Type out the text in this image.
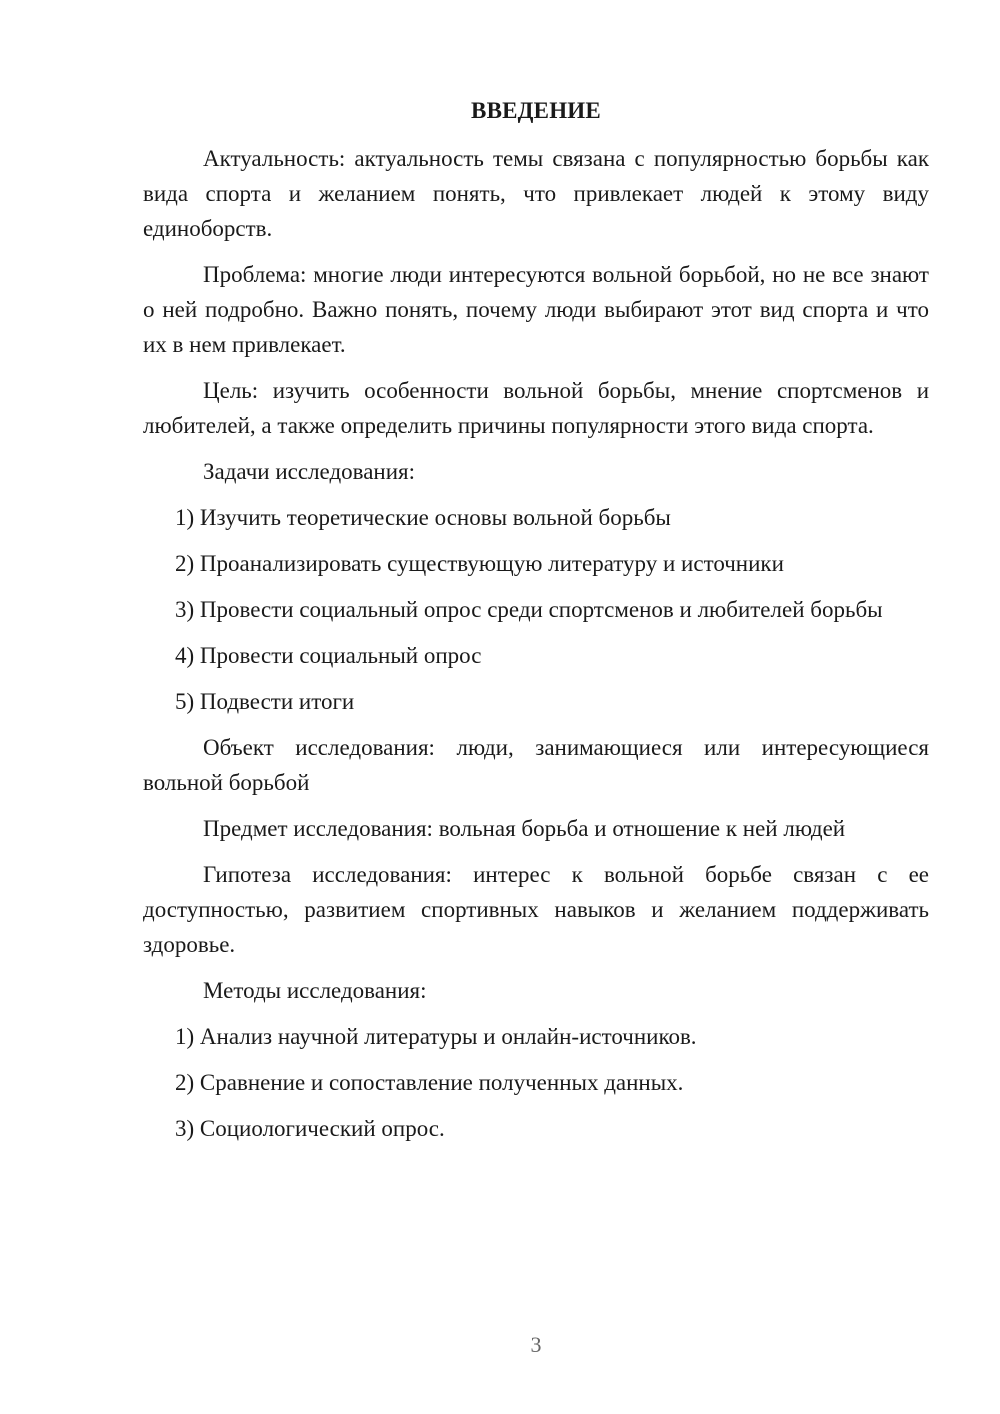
ВВЕДЕНИЕ

Актуальность: актуальность темы связана с популярностью борьбы как вида спорта и желанием понять, что привлекает людей к этому виду единоборств.

Проблема: многие люди интересуются вольной борьбой, но не все знают о ней подробно. Важно понять, почему люди выбирают этот вид спорта и что их в нем привлекает.

Цель: изучить особенности вольной борьбы, мнение спортсменов и любителей, а также определить причины популярности этого вида спорта.

Задачи исследования:

1) Изучить теоретические основы вольной борьбы

2) Проанализировать существующую литературу и источники

3) Провести социальный опрос среди спортсменов и любителей борьбы

4) Провести социальный опрос

5) Подвести итоги

Объект исследования: люди, занимающиеся или интересующиеся вольной борьбой

Предмет исследования: вольная борьба и отношение к ней людей

Гипотеза исследования: интерес к вольной борьбе связан с ее доступностью, развитием спортивных навыков и желанием поддерживать здоровье.

Методы исследования:

1) Анализ научной литературы и онлайн-источников.

2) Сравнение и сопоставление полученных данных.

3) Социологический опрос.

3
